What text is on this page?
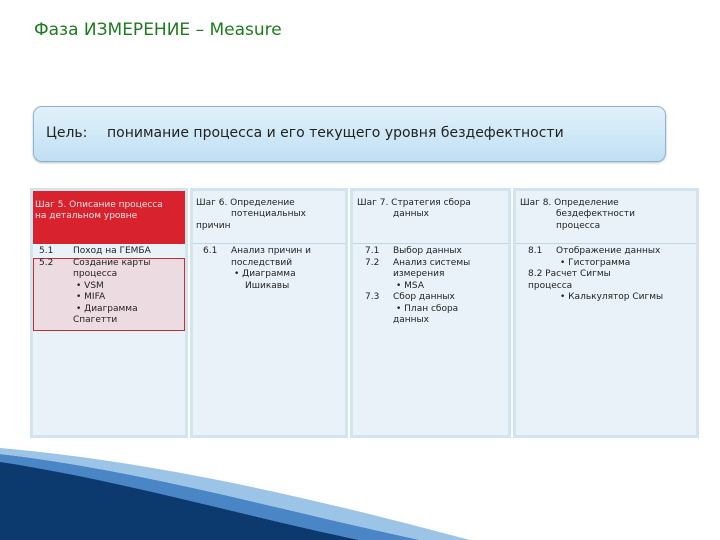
Фаза ИЗМЕРЕНИЕ – Measure
Цель: понимание процесса и его текущего уровня бездефектности
Шаг 5. Описание процесса
на детальном уровне
5.1 Поход на ГЕМБА
5.2 Создание карты
процесса
• VSM
• MIFA
• Диаграмма
Спагетти
Шаг 6. Определение
потенциальных
причин
6.1 Анализ причин и
последствий
• Диаграмма
Ишикавы
Шаг 7. Стратегия сбора
данных
7.1 Выбор данных
7.2 Анализ системы
измерения
• MSA
7.3 Сбор данных
• План сбора
данных
Шаг 8. Определение
бездефектности
процесса
8.1 Отображение данных
• Гистограмма
8.2 Расчет Сигмы
процесса
• Калькулятор Сигмы
